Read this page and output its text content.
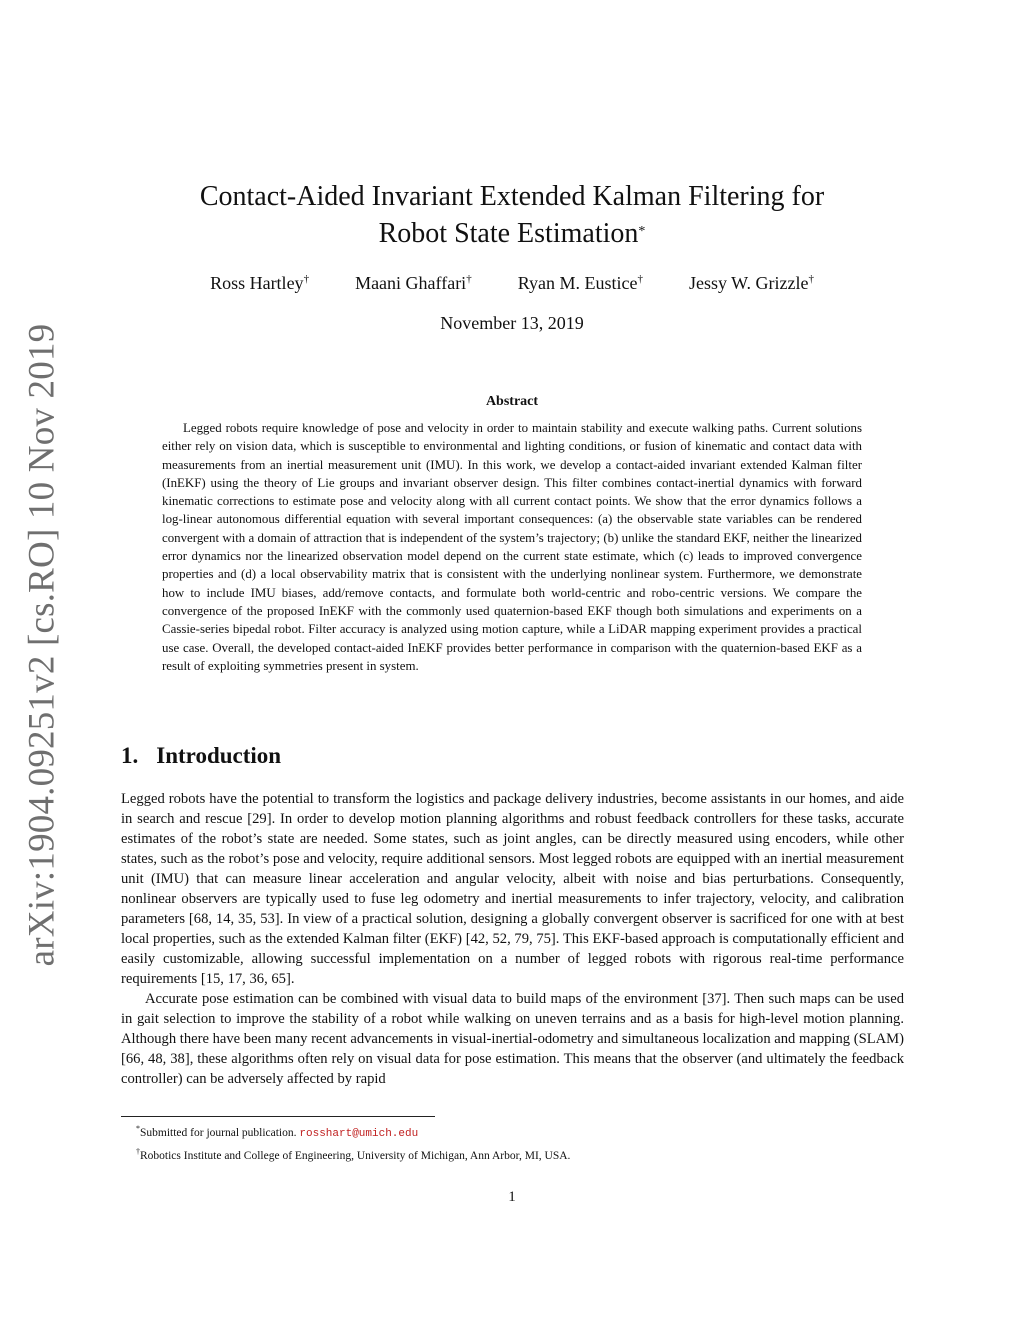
arXiv:1904.09251v2 [cs.RO] 10 Nov 2019
Contact-Aided Invariant Extended Kalman Filtering for
Robot State Estimation*
Ross Hartley†	Maani Ghaffari†	Ryan M. Eustice†	Jessy W. Grizzle†
November 13, 2019
Abstract

Legged robots require knowledge of pose and velocity in order to maintain stability and execute walking paths. Current solutions either rely on vision data, which is susceptible to environmental and lighting conditions, or fusion of kinematic and contact data with measurements from an inertial measurement unit (IMU). In this work, we develop a contact-aided invariant extended Kalman filter (InEKF) using the theory of Lie groups and invariant observer design. This filter combines contact-inertial dynamics with forward kinematic corrections to estimate pose and velocity along with all current contact points. We show that the error dynamics follows a log-linear autonomous differential equation with several important consequences: (a) the observable state variables can be rendered convergent with a domain of attraction that is independent of the system’s trajectory; (b) unlike the standard EKF, neither the linearized error dynamics nor the linearized observation model depend on the current state estimate, which (c) leads to improved convergence properties and (d) a local observability matrix that is consistent with the underlying nonlinear system. Furthermore, we demonstrate how to include IMU biases, add/remove contacts, and formulate both world-centric and robo-centric versions. We compare the convergence of the proposed InEKF with the commonly used quaternion-based EKF though both simulations and experiments on a Cassie-series bipedal robot. Filter accuracy is analyzed using motion capture, while a LiDAR mapping experiment provides a practical use case. Overall, the developed contact-aided InEKF provides better performance in comparison with the quaternion-based EKF as a result of exploiting symmetries present in system.

1. Introduction

Legged robots have the potential to transform the logistics and package delivery industries, become assistants in our homes, and aide in search and rescue [29]. In order to develop motion planning algorithms and robust feedback controllers for these tasks, accurate estimates of the robot’s state are needed. Some states, such as joint angles, can be directly measured using encoders, while other states, such as the robot’s pose and velocity, require additional sensors. Most legged robots are equipped with an inertial measurement unit (IMU) that can measure linear acceleration and angular velocity, albeit with noise and bias perturbations. Consequently, nonlinear observers are typically used to fuse leg odometry and inertial measurements to infer trajectory, velocity, and calibration parameters [68, 14, 35, 53]. In view of a practical solution, designing a globally convergent observer is sacrificed for one with at best local properties, such as the extended Kalman filter (EKF) [42, 52, 79, 75]. This EKF-based approach is computationally efficient and easily customizable, allowing successful implementation on a number of legged robots with rigorous real-time performance requirements [15, 17, 36, 65].

Accurate pose estimation can be combined with visual data to build maps of the environment [37]. Then such maps can be used in gait selection to improve the stability of a robot while walking on uneven terrains and as a basis for high-level motion planning. Although there have been many recent advancements in visual-inertial-odometry and simultaneous localization and mapping (SLAM) [66, 48, 38], these algorithms often rely on visual data for pose estimation. This means that the observer (and ultimately the feedback controller) can be adversely affected by rapid

*Submitted for journal publication. rosshart@umich.edu
†Robotics Institute and College of Engineering, University of Michigan, Ann Arbor, MI, USA.
1
